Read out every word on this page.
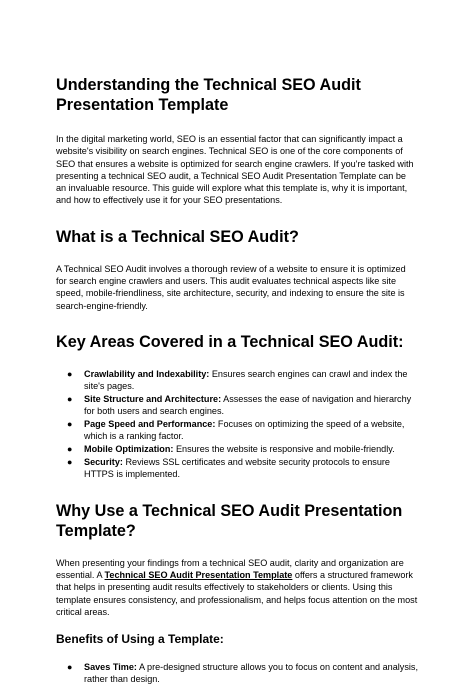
Understanding the Technical SEO Audit Presentation Template

In the digital marketing world, SEO is an essential factor that can significantly impact a website's visibility on search engines. Technical SEO is one of the core components of SEO that ensures a website is optimized for search engine crawlers. If you're tasked with presenting a technical SEO audit, a Technical SEO Audit Presentation Template can be an invaluable resource. This guide will explore what this template is, why it is important, and how to effectively use it for your SEO presentations.

What is a Technical SEO Audit?

A Technical SEO Audit involves a thorough review of a website to ensure it is optimized for search engine crawlers and users. This audit evaluates technical aspects like site speed, mobile-friendliness, site architecture, security, and indexing to ensure the site is search-engine-friendly.

Key Areas Covered in a Technical SEO Audit:
● Crawlability and Indexability: Ensures search engines can crawl and index the site's pages.
● Site Structure and Architecture: Assesses the ease of navigation and hierarchy for both users and search engines.
● Page Speed and Performance: Focuses on optimizing the speed of a website, which is a ranking factor.
● Mobile Optimization: Ensures the website is responsive and mobile-friendly.
● Security: Reviews SSL certificates and website security protocols to ensure HTTPS is implemented.
Why Use a Technical SEO Audit Presentation Template?

When presenting your findings from a technical SEO audit, clarity and organization are essential. A Technical SEO Audit Presentation Template offers a structured framework that helps in presenting audit results effectively to stakeholders or clients. Using this template ensures consistency, and professionalism, and helps focus attention on the most critical areas.

Benefits of Using a Template:
● Saves Time: A pre-designed structure allows you to focus on content and analysis, rather than design.
